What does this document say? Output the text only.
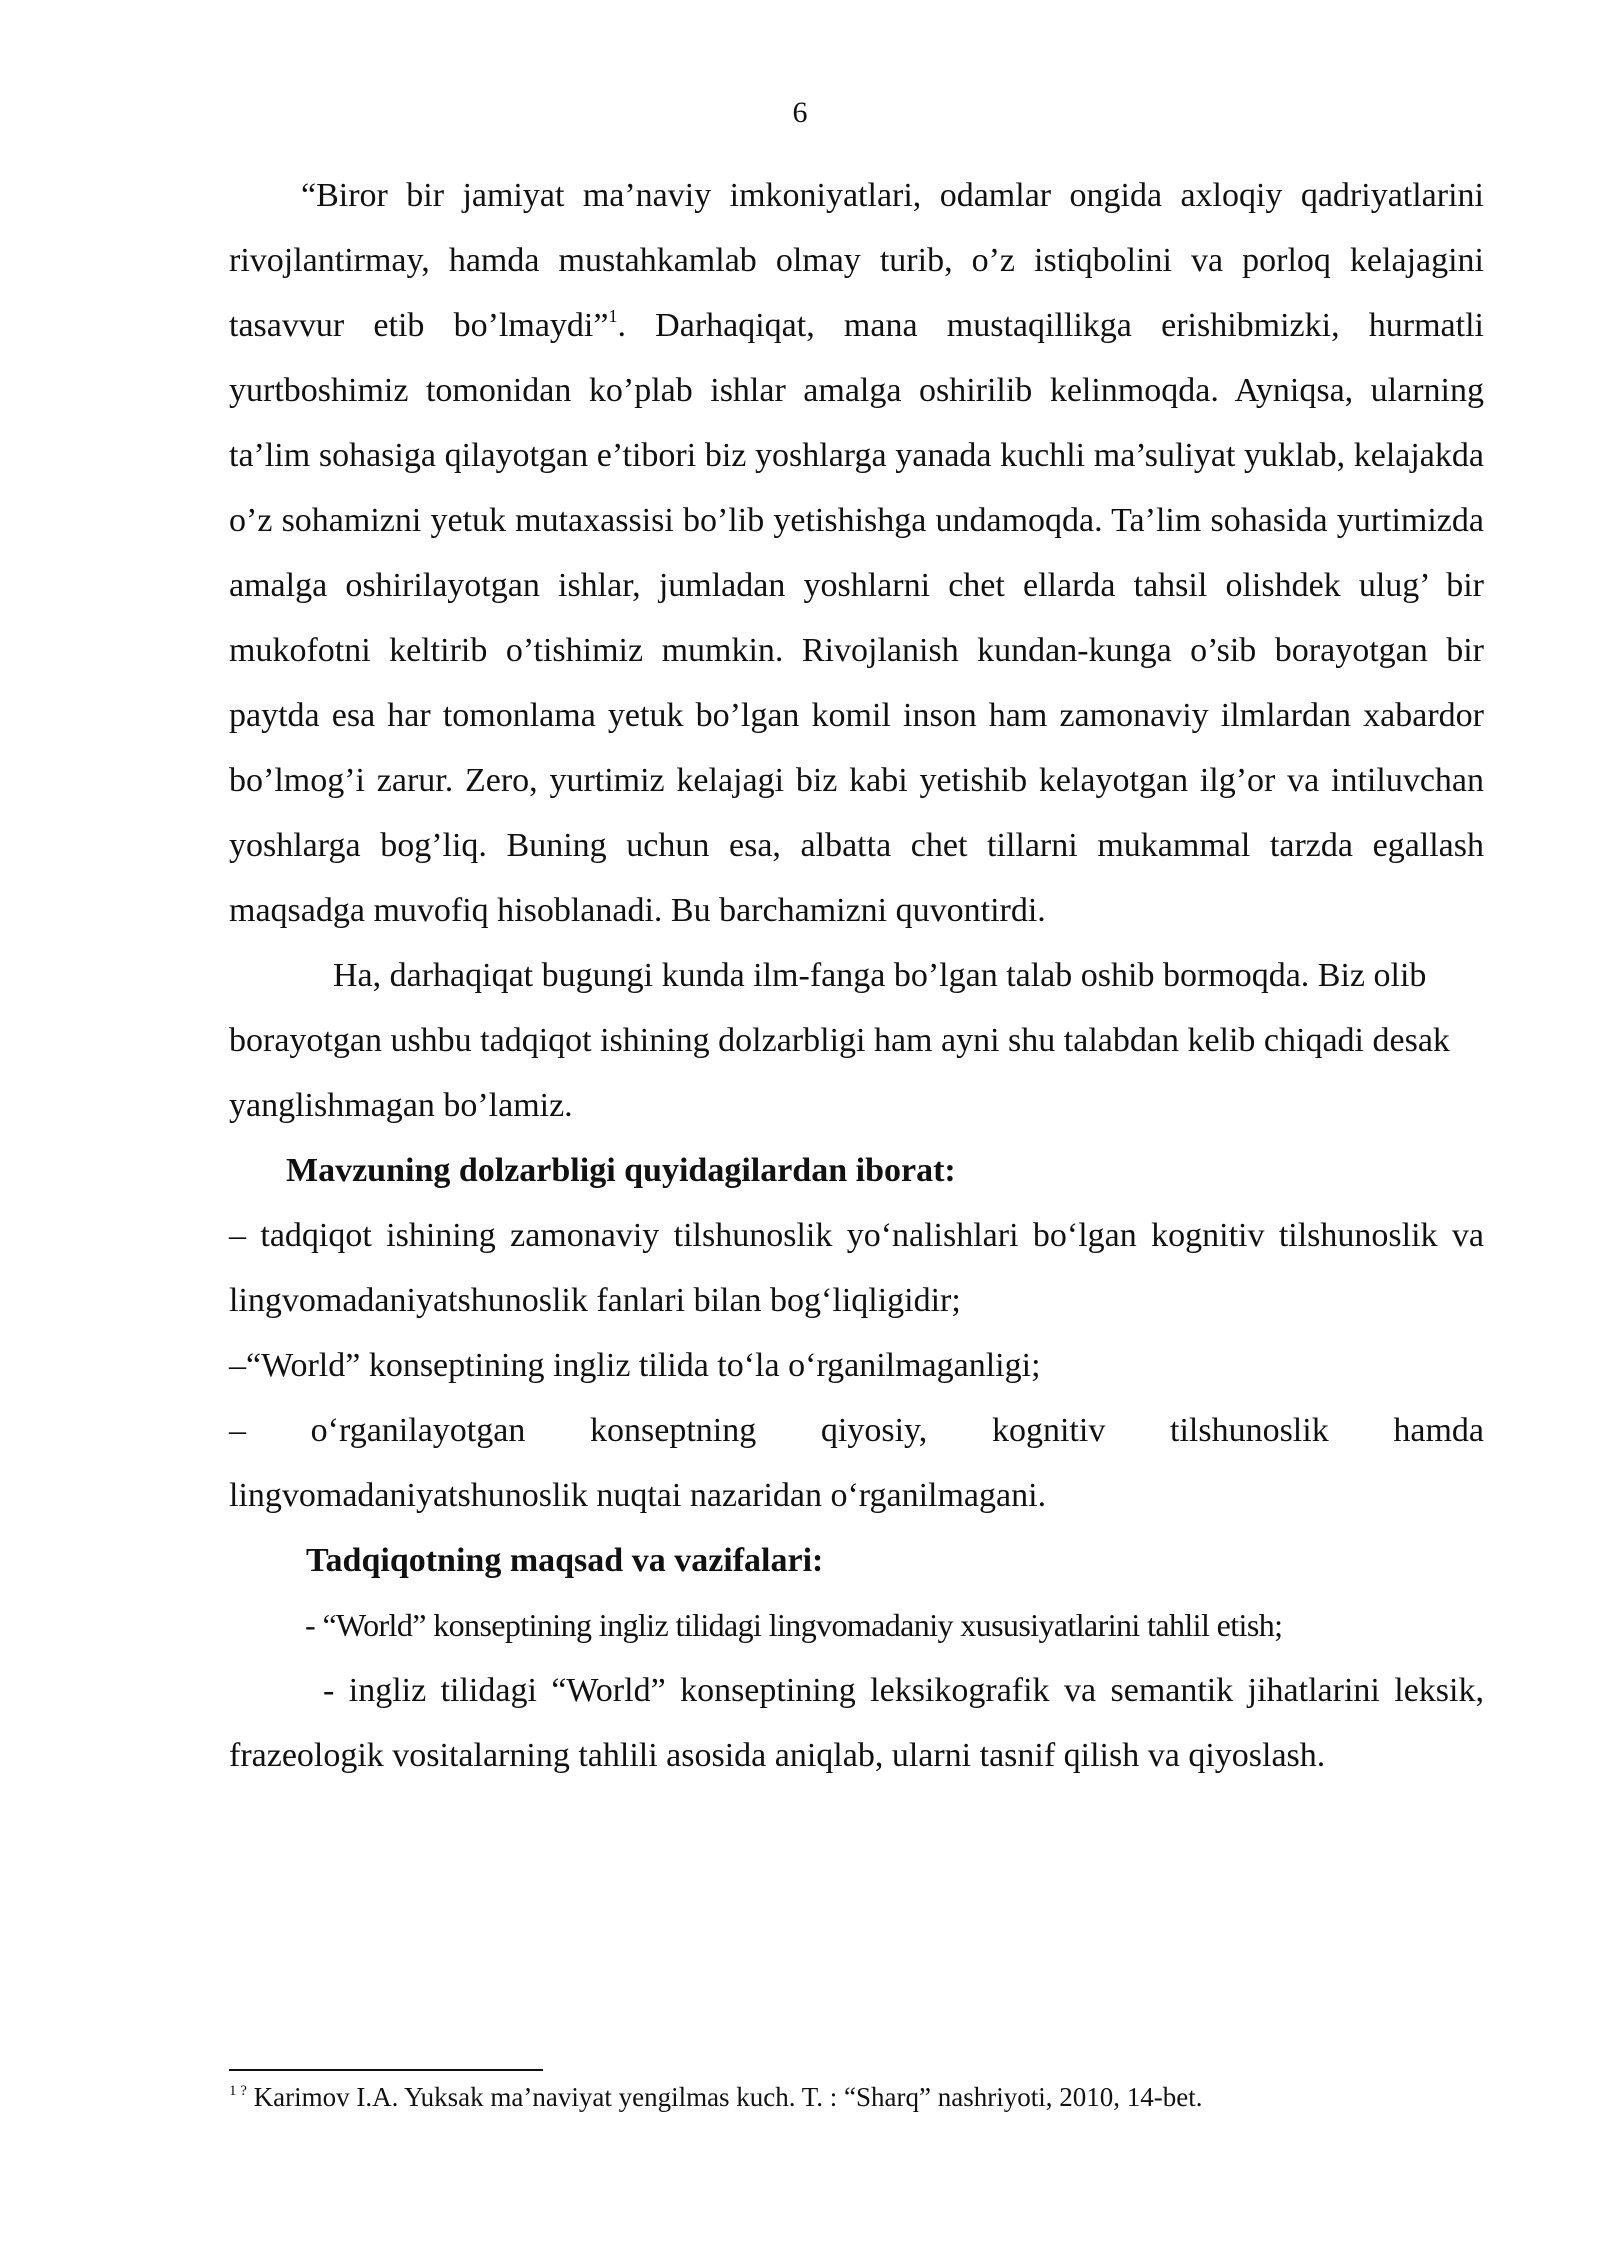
6

“Biror bir jamiyat ma’naviy imkoniyatlari, odamlar ongida axloqiy qadriyatlarini rivojlantirmay, hamda mustahkamlab olmay turib, o’z istiqbolini va porloq kelajagini tasavvur etib bo’lmaydi”$^1$. Darhaqiqat, mana mustaqillikga erishibmizki, hurmatli yurtboshimiz tomonidan ko’plab ishlar amalga oshirilib kelinmoqda. Ayniqsa, ularning ta’lim sohasiga qilayotgan e’tibori biz yoshlarga yanada kuchli ma’suliyat yuklab, kelajakda o’z sohamizni yetuk mutaxassisi bo’lib yetishishga undamoqda. Ta’lim sohasida yurtimizda amalga oshirilayotgan ishlar, jumladan yoshlarni chet ellarda tahsil olishdek ulug’ bir mukofotni keltirib o’tishimiz mumkin. Rivojlanish kundan-kunga o’sib borayotgan bir paytda esa har tomonlama yetuk bo’lgan komil inson ham zamonaviy ilmlardan xabardor bo’lmog’i zarur. Zero, yurtimiz kelajagi biz kabi yetishib kelayotgan ilg’or va intiluvchan yoshlarga bog’liq. Buning uchun esa, albatta chet tillarni mukammal tarzda egallash maqsadga muvofiq hisoblanadi. Bu barchamizni quvontirdi.

Ha, darhaqiqat bugungi kunda ilm-fanga bo’lgan talab oshib bormoqda. Biz olib borayotgan ushbu tadqiqot ishining dolzarbligi ham ayni shu talabdan kelib chiqadi desak yanglishmagan bo’lamiz.

Mavzuning dolzarbligi quyidagilardan iborat:

– tadqiqot ishining zamonaviy tilshunoslik yo‘nalishlari bo‘lgan kognitiv tilshunoslik va lingvomadaniyatshunoslik fanlari bilan bog‘liqligidir;

–“World” konseptining ingliz tilida to‘la o‘rganilmaganligi;

– o‘rganilayotgan konseptning qiyosiy, kognitiv tilshunoslik hamda lingvomadaniyatshunoslik nuqtai nazaridan o‘rganilmagani.

Tadqiqotning maqsad va vazifalari:

- “World” konseptining ingliz tilidagi lingvomadaniy xususiyatlarini tahlil etish;

- ingliz tilidagi “World” konseptining leksikografik va semantik jihatlarini leksik, frazeologik vositalarning tahlili asosida aniqlab, ularni tasnif qilish va qiyoslash.

$^{1 ?}$ Karimov I.A. Yuksak ma’naviyat yengilmas kuch. T. : “Sharq” nashriyoti, 2010, 14-bet.
